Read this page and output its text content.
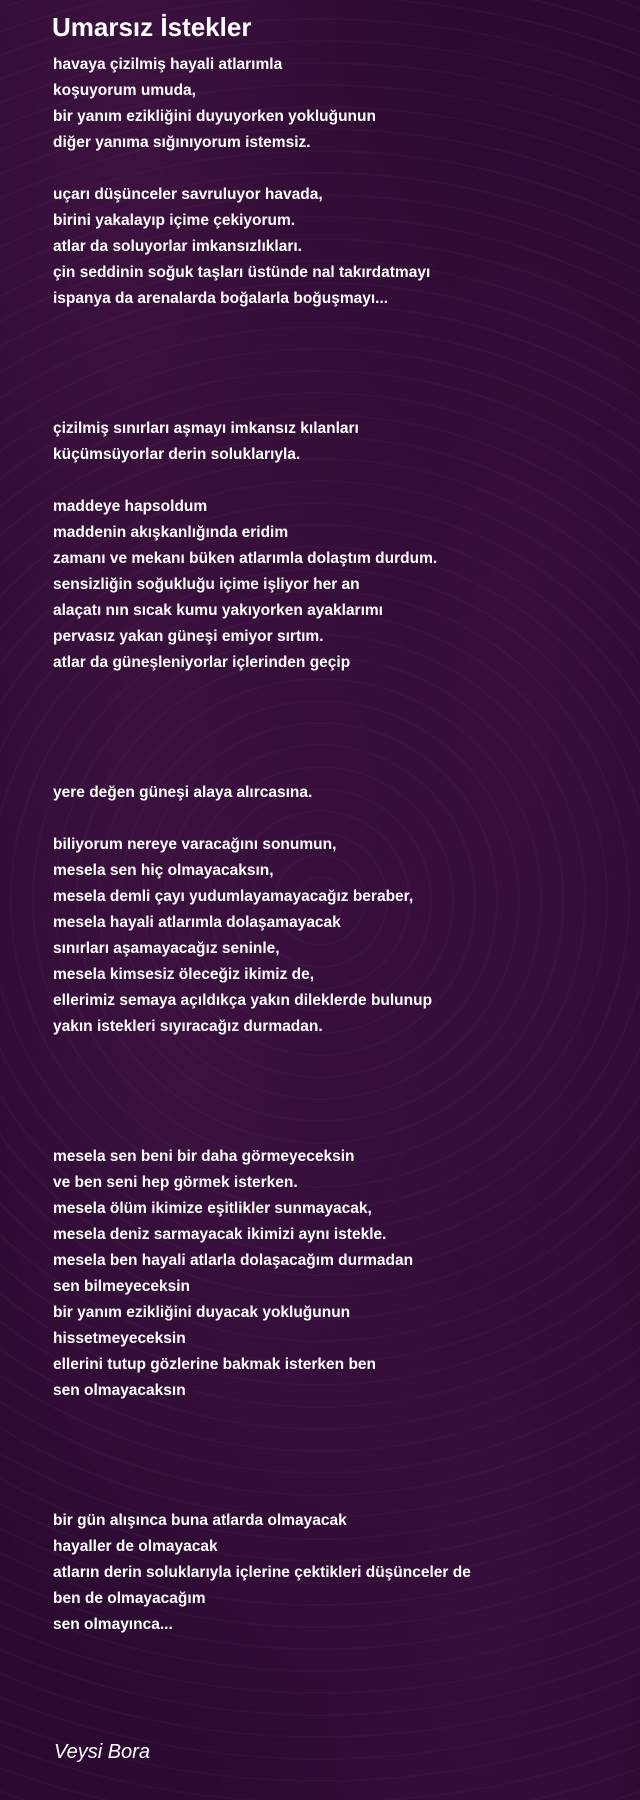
Umarsız İstekler
havaya çizilmiş hayali atlarımla
koşuyorum umuda,
bir yanım ezikliğini duyuyorken yokluğunun
diğer yanıma sığınıyorum istemsiz.
uçarı düşünceler savruluyor havada,
birini yakalayıp içime çekiyorum.
atlar da soluyorlar imkansızlıkları.
çin seddinin soğuk taşları üstünde nal takırdatmayı
ispanya da arenalarda boğalarla boğuşmayı...
çizilmiş sınırları aşmayı imkansız kılanları
küçümsüyorlar derin soluklarıyla.
maddeye hapsoldum
maddenin akışkanlığında eridim
zamanı ve mekanı büken atlarımla dolaştım durdum.
sensizliğin soğukluğu içime işliyor her an
alaçatı nın sıcak kumu yakıyorken ayaklarımı
pervasız yakan güneşi emiyor sırtım.
atlar da güneşleniyorlar içlerinden geçip
yere değen güneşi alaya alırcasına.
biliyorum nereye varacağını sonumun,
mesela sen hiç olmayacaksın,
mesela demli çayı yudumlayamayacağız beraber,
mesela hayali atlarımla dolaşamayacak
sınırları aşamayacağız seninle,
mesela kimsesiz öleceğiz ikimiz de,
ellerimiz semaya açıldıkça yakın dileklerde bulunup
yakın istekleri sıyıracağız durmadan.
mesela sen beni bir daha görmeyeceksin
ve ben seni hep görmek isterken.
mesela ölüm ikimize eşitlikler sunmayacak,
mesela deniz sarmayacak ikimizi aynı istekle.
mesela ben hayali atlarla dolaşacağım durmadan
sen bilmeyeceksin
bir yanım ezikliğini duyacak yokluğunun
hissetmeyeceksin
ellerini tutup gözlerine bakmak isterken ben
sen olmayacaksın
bir gün alışınca buna atlarda olmayacak
hayaller de olmayacak
atların derin soluklarıyla içlerine çektikleri düşünceler de
ben de olmayacağım
sen olmayınca...
Veysi Bora
